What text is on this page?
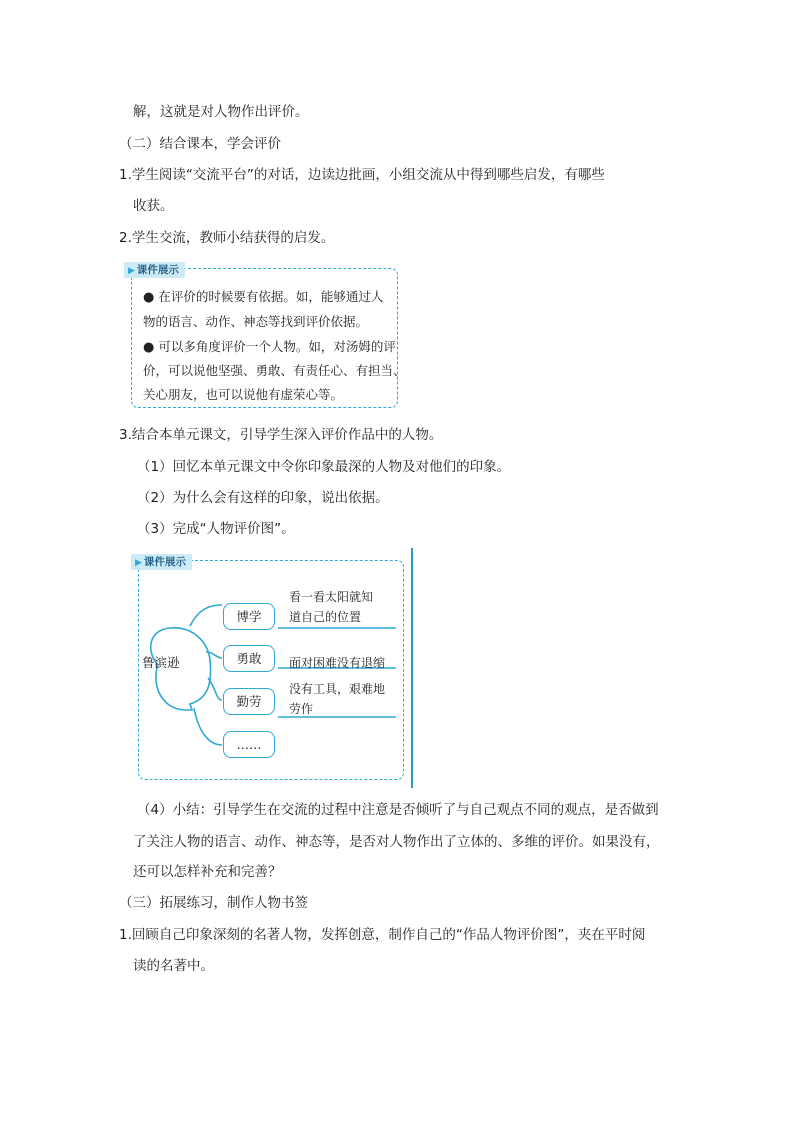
解，这就是对人物作出评价。
（二）结合课本，学会评价
1.学生阅读“交流平台”的对话，边读边批画，小组交流从中得到哪些启发，有哪些
收获。
2.学生交流，教师小结获得的启发。
▶ 课件展示
● 在评价的时候要有依据。如，能够通过人
物的语言、动作、神态等找到评价依据。
● 可以多角度评价一个人物。如，对汤姆的评
价，可以说他坚强、勇敢、有责任心、有担当、
关心朋友，也可以说他有虚荣心等。
3.结合本单元课文，引导学生深入评价作品中的人物。
（1）回忆本单元课文中令你印象最深的人物及对他们的印象。
（2）为什么会有这样的印象，说出依据。
（3）完成“人物评价图”。
▶ 课件展示
鲁滨逊
博学
勇敢
勤劳
……
看一看太阳就知
道自己的位置
面对困难没有退缩
没有工具，艰难地
劳作
（4）小结：引导学生在交流的过程中注意是否倾听了与自己观点不同的观点，是否做到
了关注人物的语言、动作、神态等，是否对人物作出了立体的、多维的评价。如果没有，
还可以怎样补充和完善？
（三）拓展练习，制作人物书签
1.回顾自己印象深刻的名著人物，发挥创意，制作自己的“作品人物评价图”，夹在平时阅
读的名著中。
